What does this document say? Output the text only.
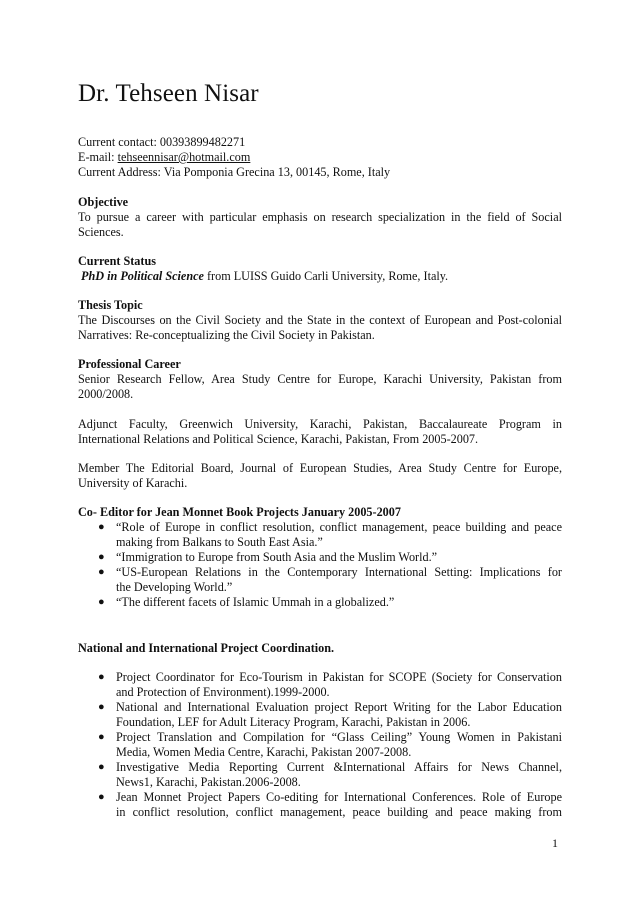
Dr. Tehseen Nisar
Current contact: 00393899482271
E-mail: tehseennisar@hotmail.com
Current Address: Via Pomponia Grecina 13, 00145, Rome, Italy
Objective
To pursue a career with particular emphasis on research specialization in the field of Social
Sciences.
Current Status
PhD in Political Science from LUISS Guido Carli University, Rome, Italy.
Thesis Topic
The Discourses on the Civil Society and the State in the context of European and Post-colonial
Narratives: Re-conceptualizing the Civil Society in Pakistan.
Professional Career
Senior Research Fellow, Area Study Centre for Europe, Karachi University, Pakistan from
2000/2008.
Adjunct Faculty, Greenwich University, Karachi, Pakistan, Baccalaureate Program in
International Relations and Political Science, Karachi, Pakistan, From 2005-2007.
Member The Editorial Board, Journal of European Studies, Area Study Centre for Europe,
University of Karachi.
Co- Editor for Jean Monnet Book Projects January 2005-2007
● “Role of Europe in conflict resolution, conflict management, peace building and peace
making from Balkans to South East Asia.”
● “Immigration to Europe from South Asia and the Muslim World.”
● “US-European Relations in the Contemporary International Setting: Implications for
the Developing World.”
● “The different facets of Islamic Ummah in a globalized.”
National and International Project Coordination.
● Project Coordinator for Eco-Tourism in Pakistan for SCOPE (Society for Conservation
and Protection of Environment).1999-2000.
● National and International Evaluation project Report Writing for the Labor Education
Foundation, LEF for Adult Literacy Program, Karachi, Pakistan in 2006.
● Project Translation and Compilation for “Glass Ceiling” Young Women in Pakistani
Media, Women Media Centre, Karachi, Pakistan 2007-2008.
● Investigative Media Reporting Current &International Affairs for News Channel,
News1, Karachi, Pakistan.2006-2008.
● Jean Monnet Project Papers Co-editing for International Conferences. Role of Europe
in conflict resolution, conflict management, peace building and peace making from
1
